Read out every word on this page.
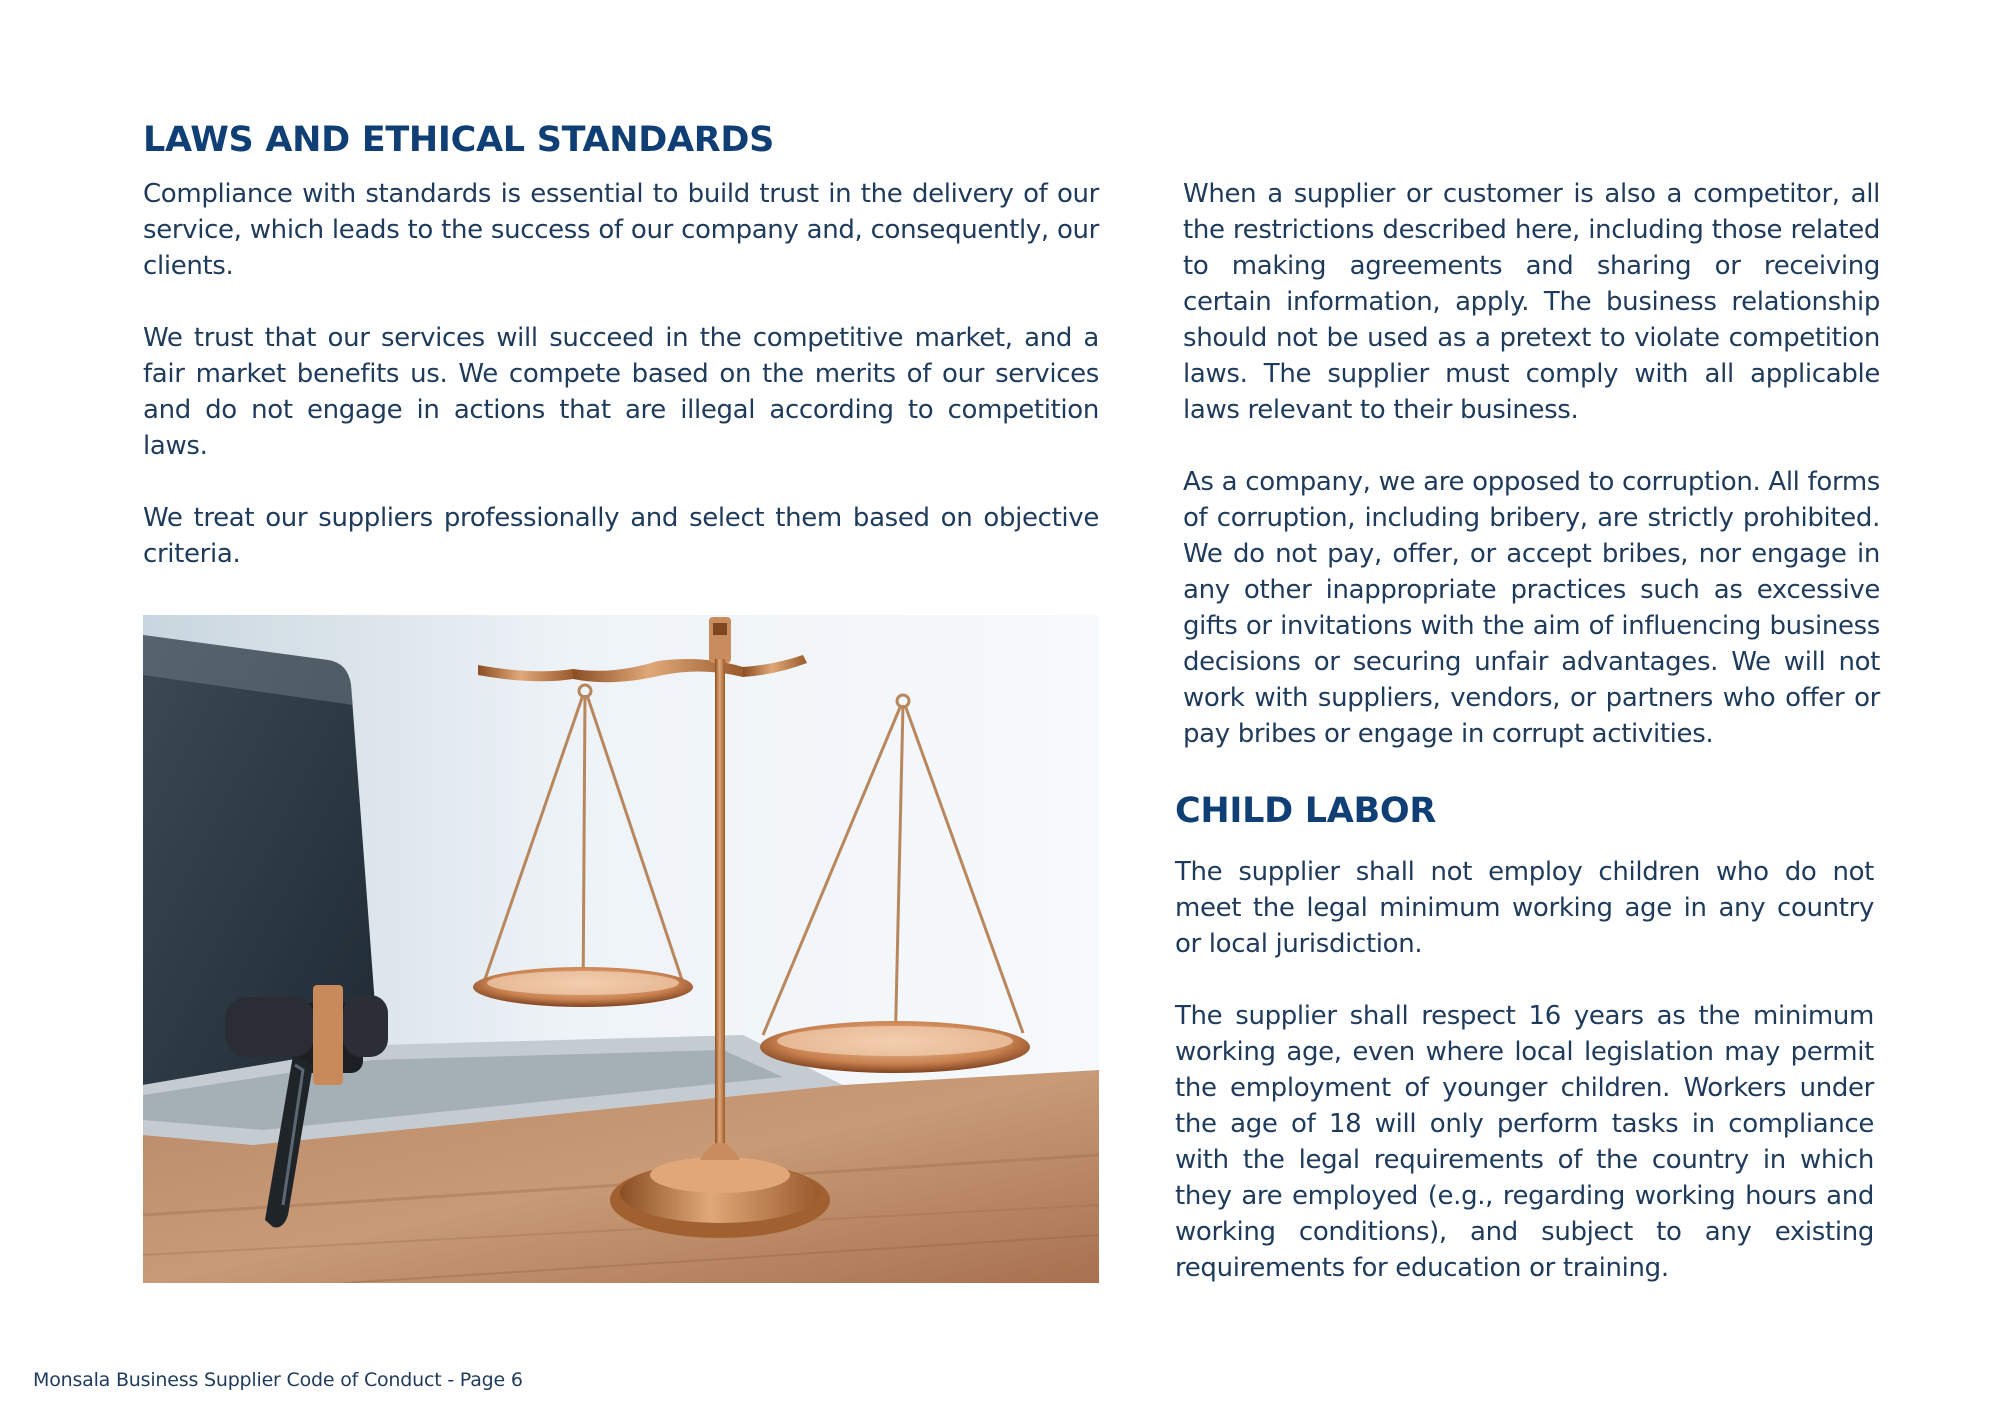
LAWS AND ETHICAL STANDARDS

Compliance with standards is essential to build trust in the delivery of our service, which leads to the success of our company and, consequently, our clients.

We trust that our services will succeed in the competitive market, and a fair market benefits us. We compete based on the merits of our services and do not engage in actions that are illegal according to competition laws.

We treat our suppliers professionally and select them based on objective criteria.

When a supplier or customer is also a competitor, all the restrictions described here, including those related to making agreements and sharing or receiving certain information, apply. The business relationship should not be used as a pretext to violate competition laws. The supplier must comply with all applicable laws relevant to their business.

As a company, we are opposed to corruption. All forms of corruption, including bribery, are strictly prohibited. We do not pay, offer, or accept bribes, nor engage in any other inappropriate practices such as excessive gifts or invitations with the aim of influencing business decisions or securing unfair advantages. We will not work with suppliers, vendors, or partners who offer or pay bribes or engage in corrupt activities.

CHILD LABOR

The supplier shall not employ children who do not meet the legal minimum working age in any country or local jurisdiction.

The supplier shall respect 16 years as the minimum working age, even where local legislation may permit the employment of younger children. Workers under the age of 18 will only perform tasks in compliance with the legal requirements of the country in which they are employed (e.g., regarding working hours and working conditions), and subject to any existing requirements for education or training.

Monsala Business Supplier Code of Conduct - Page 6
